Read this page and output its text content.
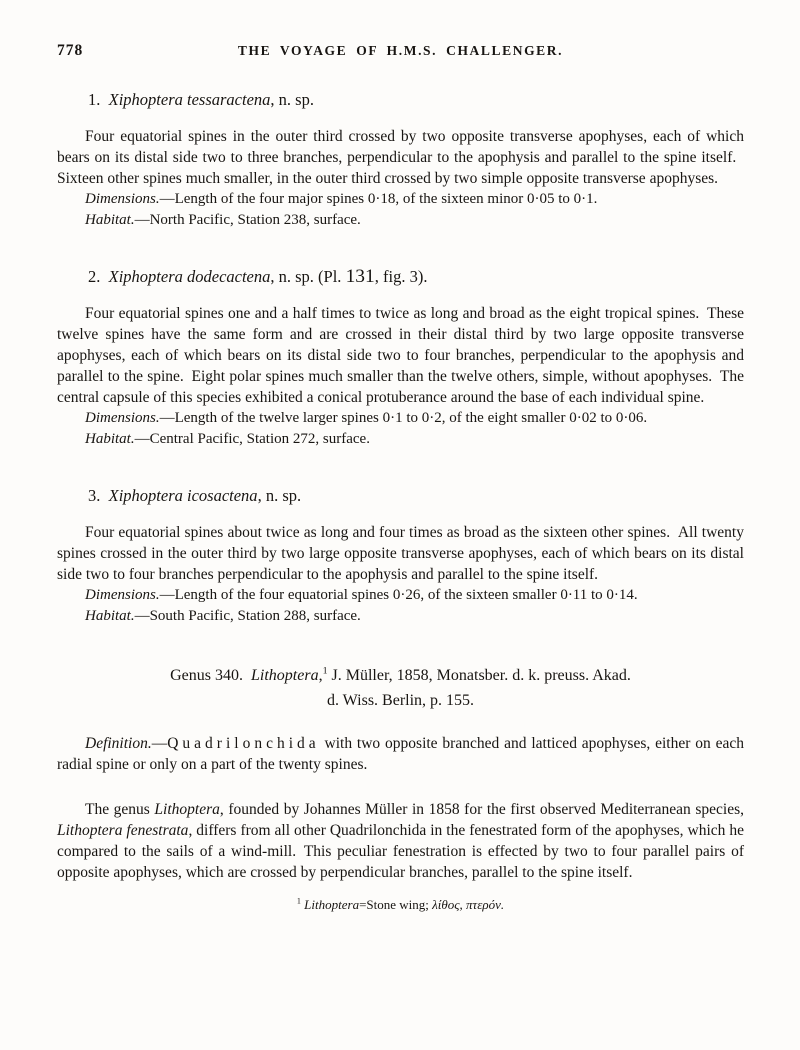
778	THE VOYAGE OF H.M.S. CHALLENGER.
1. Xiphoptera tessaractena, n. sp.

Four equatorial spines in the outer third crossed by two opposite transverse apophyses, each of which bears on its distal side two to three branches, perpendicular to the apophysis and parallel to the spine itself. Sixteen other spines much smaller, in the outer third crossed by two simple opposite transverse apophyses.

Dimensions.—Length of the four major spines 0·18, of the sixteen minor 0·05 to 0·1.

Habitat.—North Pacific, Station 238, surface.

2. Xiphoptera dodecactena, n. sp. (Pl. 131, fig. 3).

Four equatorial spines one and a half times to twice as long and broad as the eight tropical spines. These twelve spines have the same form and are crossed in their distal third by two large opposite transverse apophyses, each of which bears on its distal side two to four branches, perpendicular to the apophysis and parallel to the spine. Eight polar spines much smaller than the twelve others, simple, without apophyses. The central capsule of this species exhibited a conical protuberance around the base of each individual spine.

Dimensions.—Length of the twelve larger spines 0·1 to 0·2, of the eight smaller 0·02 to 0·06.

Habitat.—Central Pacific, Station 272, surface.

3. Xiphoptera icosactena, n. sp.

Four equatorial spines about twice as long and four times as broad as the sixteen other spines. All twenty spines crossed in the outer third by two large opposite transverse apophyses, each of which bears on its distal side two to four branches perpendicular to the apophysis and parallel to the spine itself.

Dimensions.—Length of the four equatorial spines 0·26, of the sixteen smaller 0·11 to 0·14.

Habitat.—South Pacific, Station 288, surface.

Genus 340. Lithoptera,$^1$ J. Müller, 1858, Monatsber. d. k. preuss. Akad.
d. Wiss. Berlin, p. 155.

Definition.—Quadrilonchida with two opposite branched and latticed apophyses, either on each radial spine or only on a part of the twenty spines.

The genus Lithoptera, founded by Johannes Müller in 1858 for the first observed Mediterranean species, Lithoptera fenestrata, differs from all other Quadrilonchida in the fenestrated form of the apophyses, which he compared to the sails of a wind-mill. This peculiar fenestration is effected by two to four parallel pairs of opposite apophyses, which are crossed by perpendicular branches, parallel to the spine itself.

$^1$ Lithoptera=Stone wing; λίθος, πτερόν.
